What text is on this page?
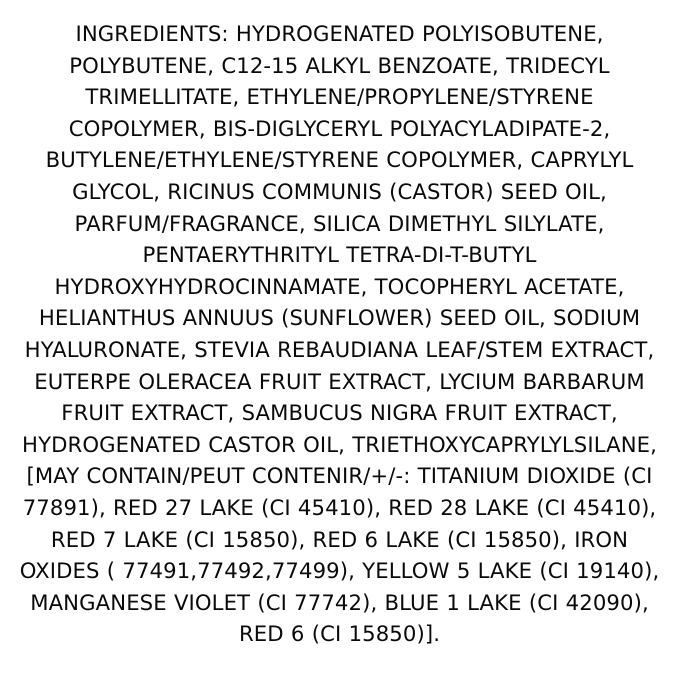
INGREDIENTS: HYDROGENATED POLYISOBUTENE, POLYBUTENE, C12-15 ALKYL BENZOATE, TRIDECYL TRIMELLITATE, ETHYLENE/PROPYLENE/STYRENE COPOLYMER, BIS-DIGLYCERYL POLYACYLADIPATE-2, BUTYLENE/ETHYLENE/STYRENE COPOLYMER, CAPRYLYL GLYCOL, RICINUS COMMUNIS (CASTOR) SEED OIL, PARFUM/FRAGRANCE, SILICA DIMETHYL SILYLATE, PENTAERYTHRITYL TETRA-DI-T-BUTYL HYDROXYHYDROCINNAMATE, TOCOPHERYL ACETATE, HELIANTHUS ANNUUS (SUNFLOWER) SEED OIL, SODIUM HYALURONATE, STEVIA REBAUDIANA LEAF/STEM EXTRACT, EUTERPE OLERACEA FRUIT EXTRACT, LYCIUM BARBARUM FRUIT EXTRACT, SAMBUCUS NIGRA FRUIT EXTRACT, HYDROGENATED CASTOR OIL, TRIETHOXYCAPRYLYLSILANE, [MAY CONTAIN/PEUT CONTENIR/+/-: TITANIUM DIOXIDE (CI 77891), RED 27 LAKE (CI 45410), RED 28 LAKE (CI 45410), RED 7 LAKE (CI 15850), RED 6 LAKE (CI 15850), IRON OXIDES ( 77491,77492,77499), YELLOW 5 LAKE (CI 19140), MANGANESE VIOLET (CI 77742), BLUE 1 LAKE (CI 42090), RED 6 (CI 15850)].
